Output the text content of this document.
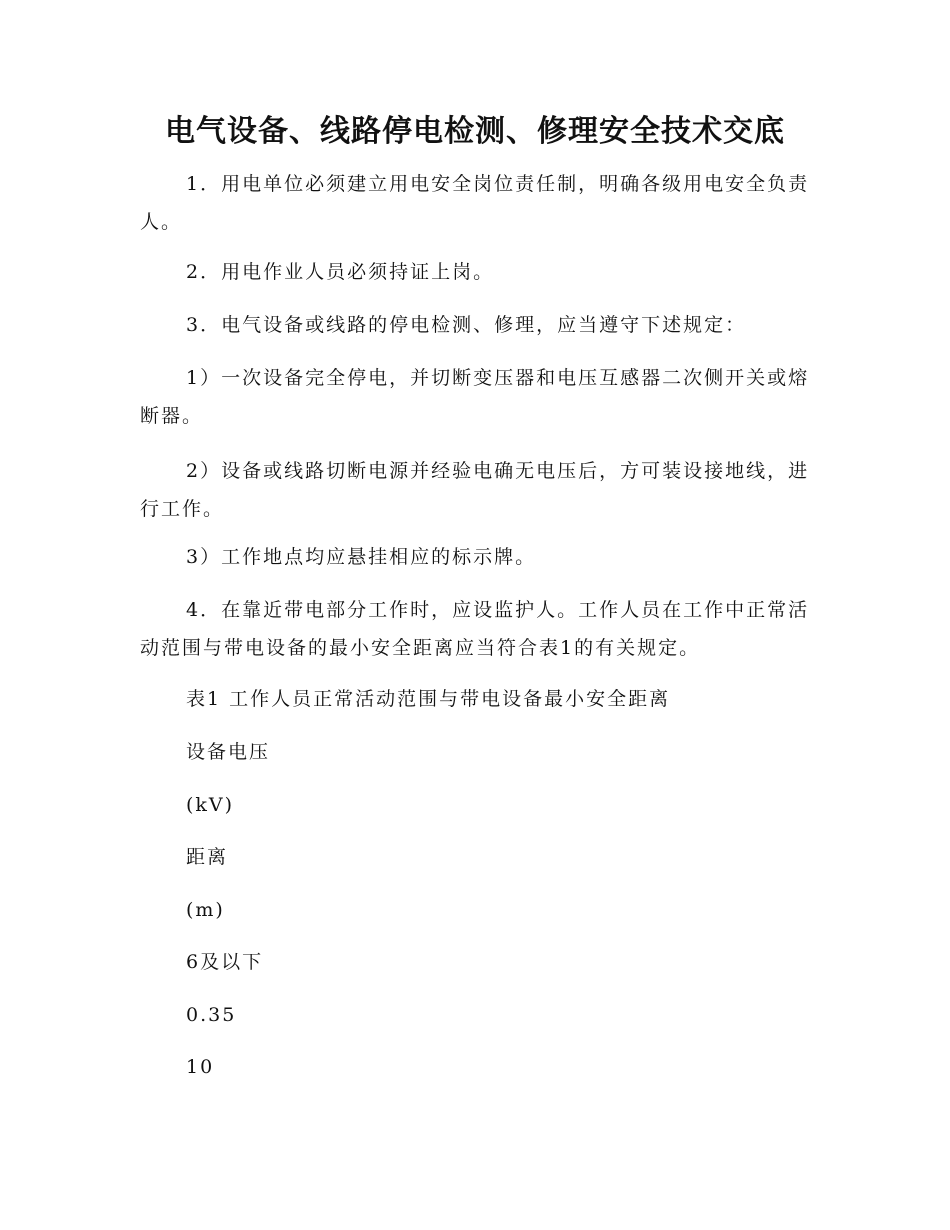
电气设备、线路停电检测、修理安全技术交底

1．用电单位必须建立用电安全岗位责任制，明确各级用电安全负责人。

2．用电作业人员必须持证上岗。

3．电气设备或线路的停电检测、修理，应当遵守下述规定：

1）一次设备完全停电，并切断变压器和电压互感器二次侧开关或熔断器。

2）设备或线路切断电源并经验电确无电压后，方可装设接地线，进行工作。

3）工作地点均应悬挂相应的标示牌。

4．在靠近带电部分工作时，应设监护人。工作人员在工作中正常活动范围与带电设备的最小安全距离应当符合表1的有关规定。

表1 工作人员正常活动范围与带电设备最小安全距离

设备电压

(kV)

距离

(m)

6及以下

0.35

10
